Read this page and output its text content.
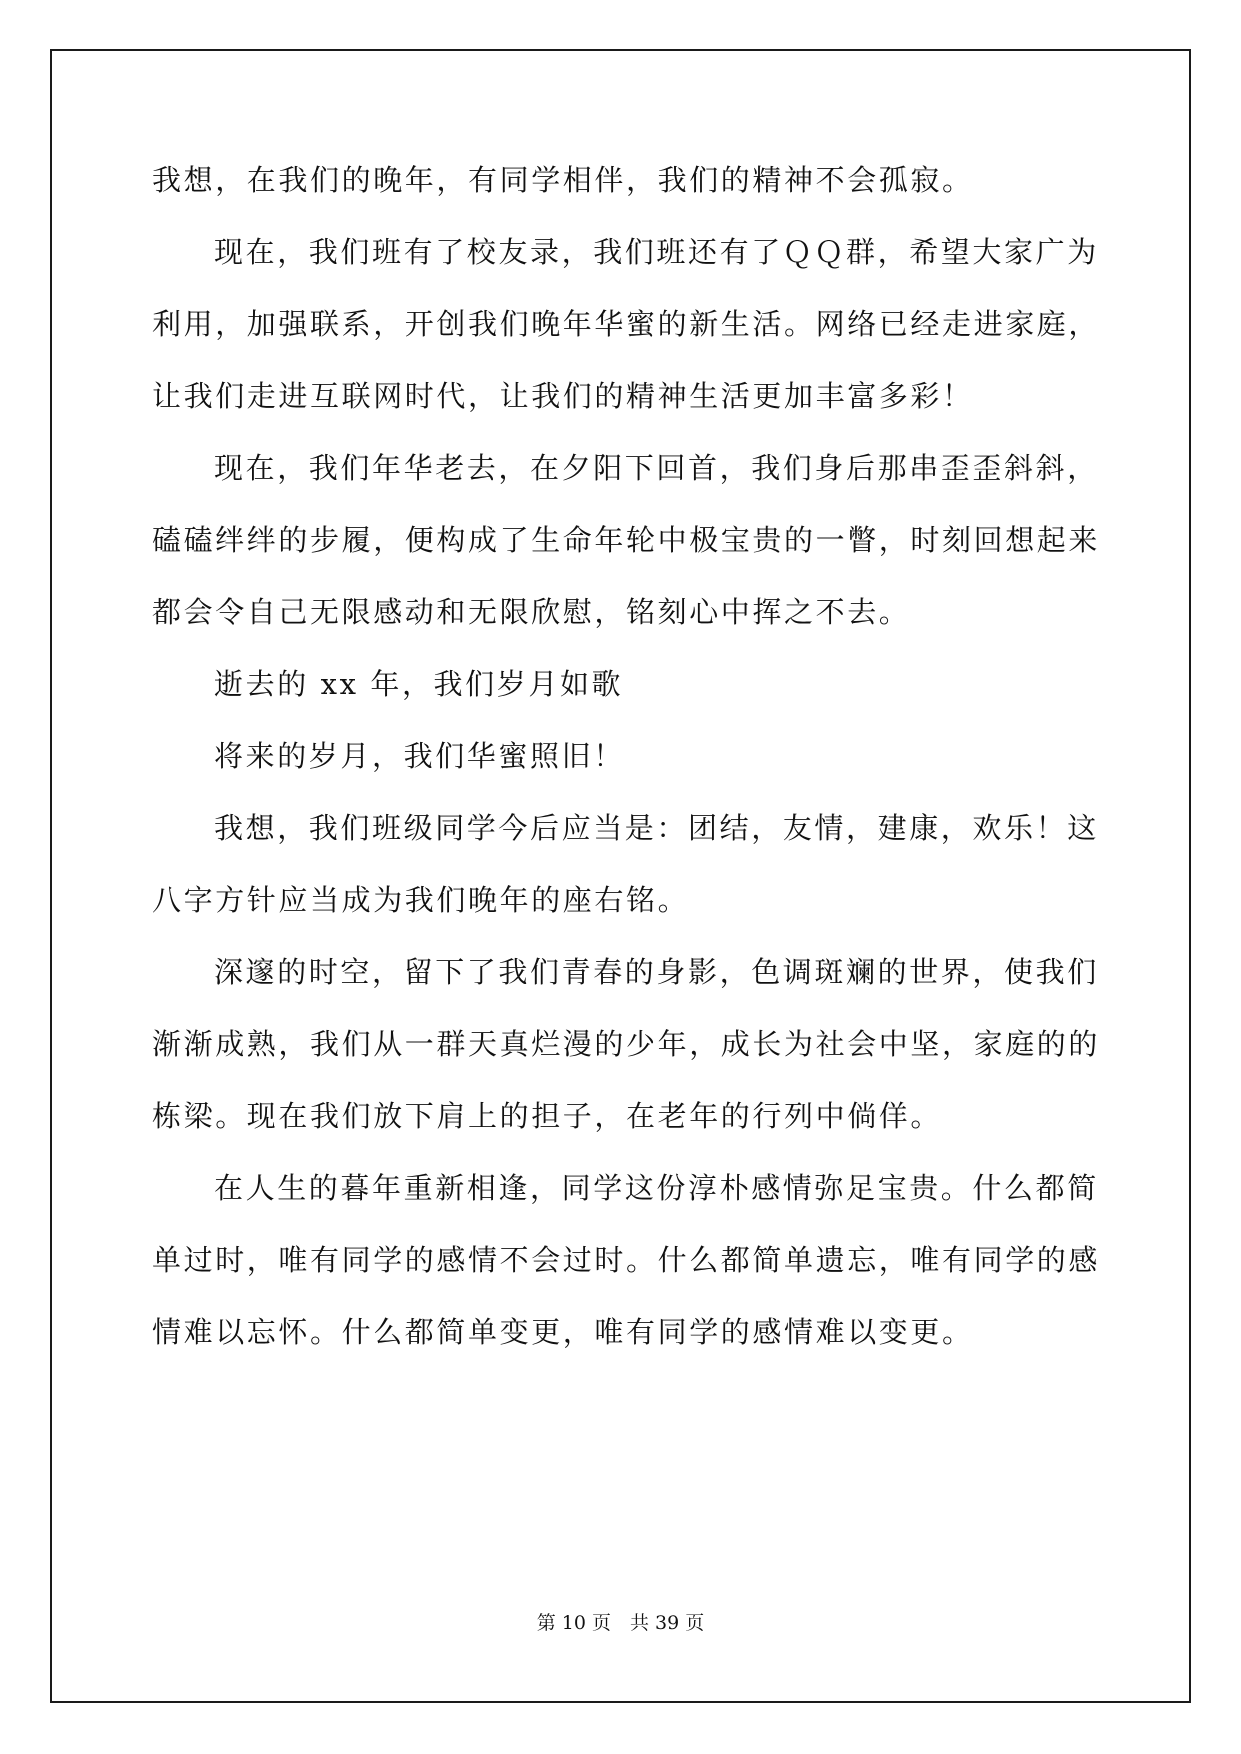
我想，在我们的晚年，有同学相伴，我们的精神不会孤寂。
现在，我们班有了校友录，我们班还有了ＱＱ群，希望大家广为
利用，加强联系，开创我们晚年华蜜的新生活。网络已经走进家庭，
让我们走进互联网时代，让我们的精神生活更加丰富多彩！
现在，我们年华老去，在夕阳下回首，我们身后那串歪歪斜斜，
磕磕绊绊的步履，便构成了生命年轮中极宝贵的一瞥，时刻回想起来
都会令自己无限感动和无限欣慰，铭刻心中挥之不去。
逝去的 xx 年，我们岁月如歌
将来的岁月，我们华蜜照旧！
我想，我们班级同学今后应当是：团结，友情，建康，欢乐！这
八字方针应当成为我们晚年的座右铭。
深邃的时空，留下了我们青春的身影，色调斑斓的世界，使我们
渐渐成熟，我们从一群天真烂漫的少年，成长为社会中坚，家庭的的
栋梁。现在我们放下肩上的担子，在老年的行列中倘佯。
在人生的暮年重新相逢，同学这份淳朴感情弥足宝贵。什么都简
单过时，唯有同学的感情不会过时。什么都简单遗忘，唯有同学的感
情难以忘怀。什么都简单变更，唯有同学的感情难以变更。
第 10 页　共 39 页
